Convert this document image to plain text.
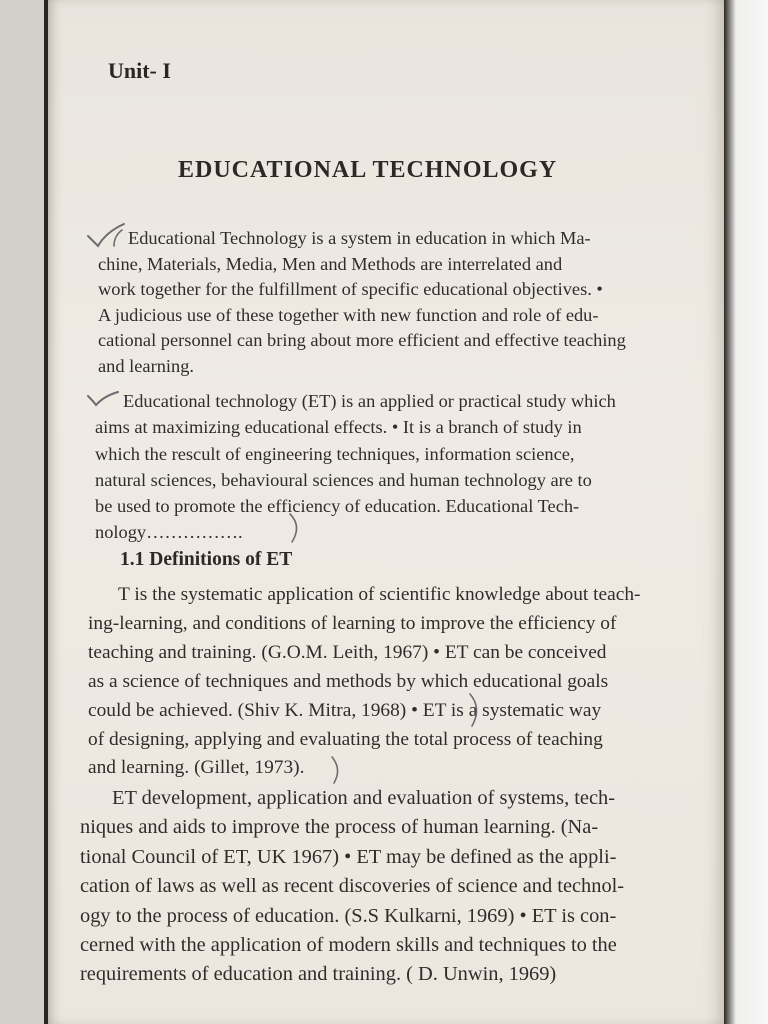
Unit- I
EDUCATIONAL TECHNOLOGY

Educational Technology is a system in education in which Ma-
chine, Materials, Media, Men and Methods are interrelated and
work together for the fulfillment of specific educational objectives. •
A judicious use of these together with new function and role of edu-
cational personnel can bring about more efficient and effective teaching
and learning.

Educational technology (ET) is an applied or practical study which
aims at maximizing educational effects. • It is a branch of study in
which the rescult of engineering techniques, information science,
natural sciences, behavioural sciences and human technology are to
be used to promote the efficiency of education. Educational Tech-
nology…………….

1.1 Definitions of ET

T is the systematic application of scientific knowledge about teach-
ing-learning, and conditions of learning to improve the efficiency of
teaching and training. (G.O.M. Leith, 1967) • ET can be conceived
as a science of techniques and methods by which educational goals
could be achieved. (Shiv K. Mitra, 1968) • ET is a systematic way
of designing, applying and evaluating the total process of teaching
and learning. (Gillet, 1973).

ET development, application and evaluation of systems, tech-
niques and aids to improve the process of human learning. (Na-
tional Council of ET, UK 1967) • ET may be defined as the appli-
cation of laws as well as recent discoveries of science and technol-
ogy to the process of education. (S.S Kulkarni, 1969) • ET is con-
cerned with the application of modern skills and techniques to the
requirements of education and training. ( D. Unwin, 1969)
